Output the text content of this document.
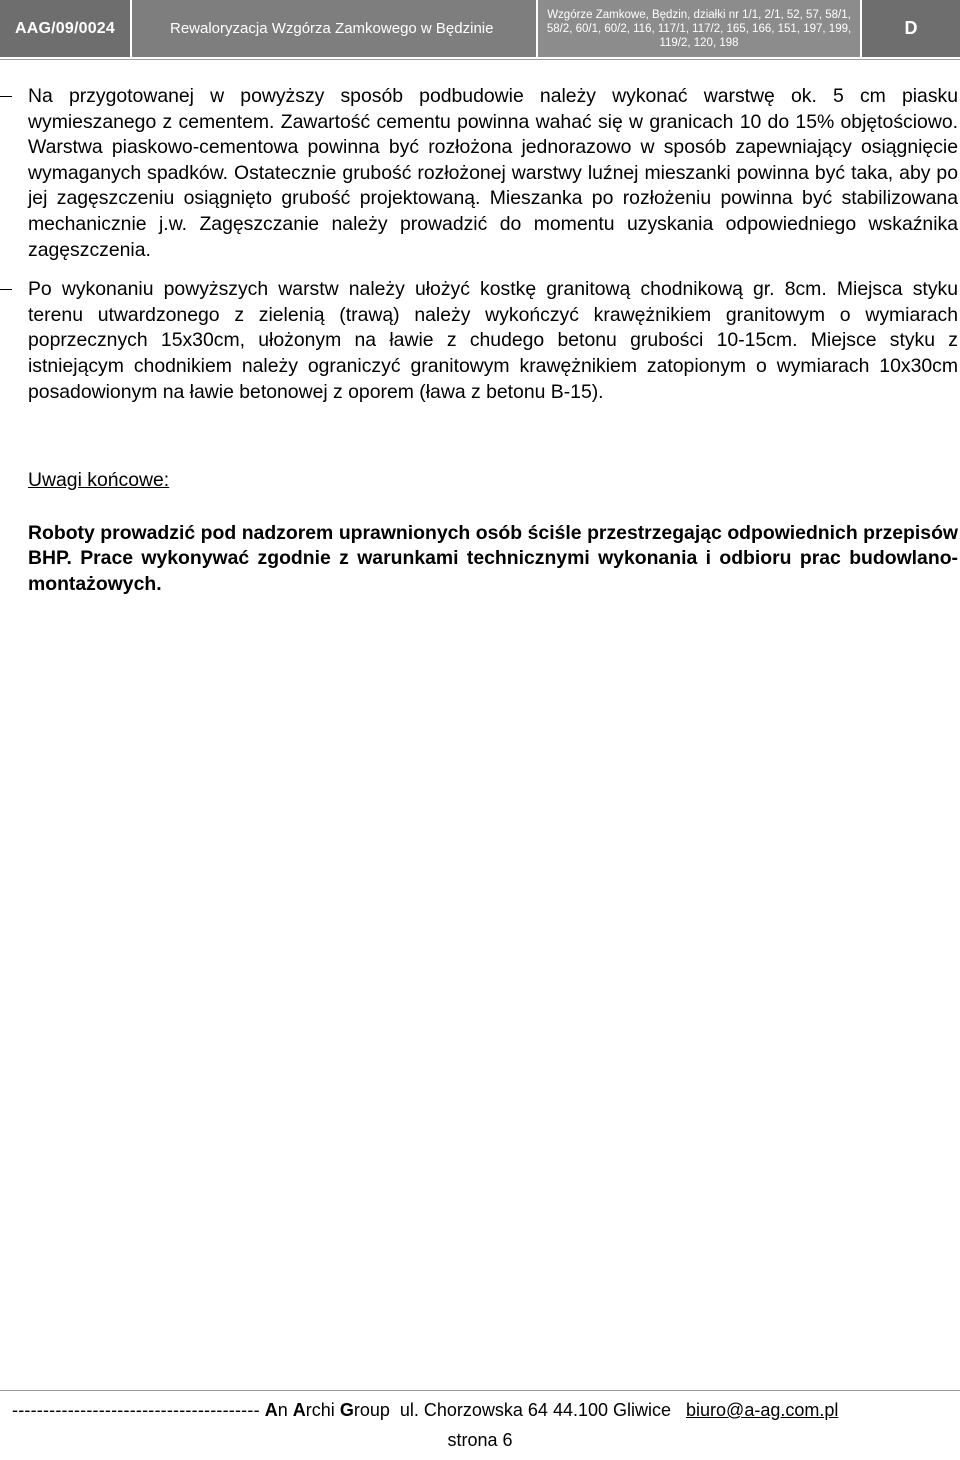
AAG/09/0024	Rewaloryzacja Wzgórza Zamkowego w Będzinie
Wzgórze Zamkowe, Będzin, działki nr 1/1, 2/1, 52, 57, 58/1, 58/2, 60/1, 60/2, 116, 117/1, 117/2, 165, 166, 151, 197, 199, 119/2, 120, 198
D

Na przygotowanej w powyższy sposób podbudowie należy wykonać warstwę ok. 5 cm piasku wymieszanego z cementem. Zawartość cementu powinna wahać się w granicach 10 do 15% objętościowo. Warstwa piaskowo-cementowa powinna być rozłożona jednorazowo w sposób zapewniający osiągnięcie wymaganych spadków. Ostatecznie grubość rozłożonej warstwy luźnej mieszanki powinna być taka, aby po jej zagęszczeniu osiągnięto grubość projektowaną. Mieszanka po rozłożeniu powinna być stabilizowana mechanicznie j.w. Zagęszczanie należy prowadzić do momentu uzyskania odpowiedniego wskaźnika zagęszczenia.

Po wykonaniu powyższych warstw należy ułożyć kostkę granitową chodnikową gr. 8cm. Miejsca styku terenu utwardzonego z zielenią (trawą) należy wykończyć krawężnikiem granitowym o wymiarach poprzecznych 15x30cm, ułożonym na ławie z chudego betonu grubości 10-15cm. Miejsce styku z istniejącym chodnikiem należy ograniczyć granitowym krawężnikiem zatopionym o wymiarach 10x30cm posadowionym na ławie betonowej z oporem (ława z betonu B-15).

Uwagi końcowe:
Roboty prowadzić pod nadzorem uprawnionych osób ściśle przestrzegając odpowiednich przepisów BHP. Prace wykonywać zgodnie z warunkami technicznymi wykonania i odbioru prac budowlano-montażowych.
---------------------------------------- An Archi Group ul. Chorzowska 64 44.100 Gliwice biuro@a-ag.com.pl
strona 6
